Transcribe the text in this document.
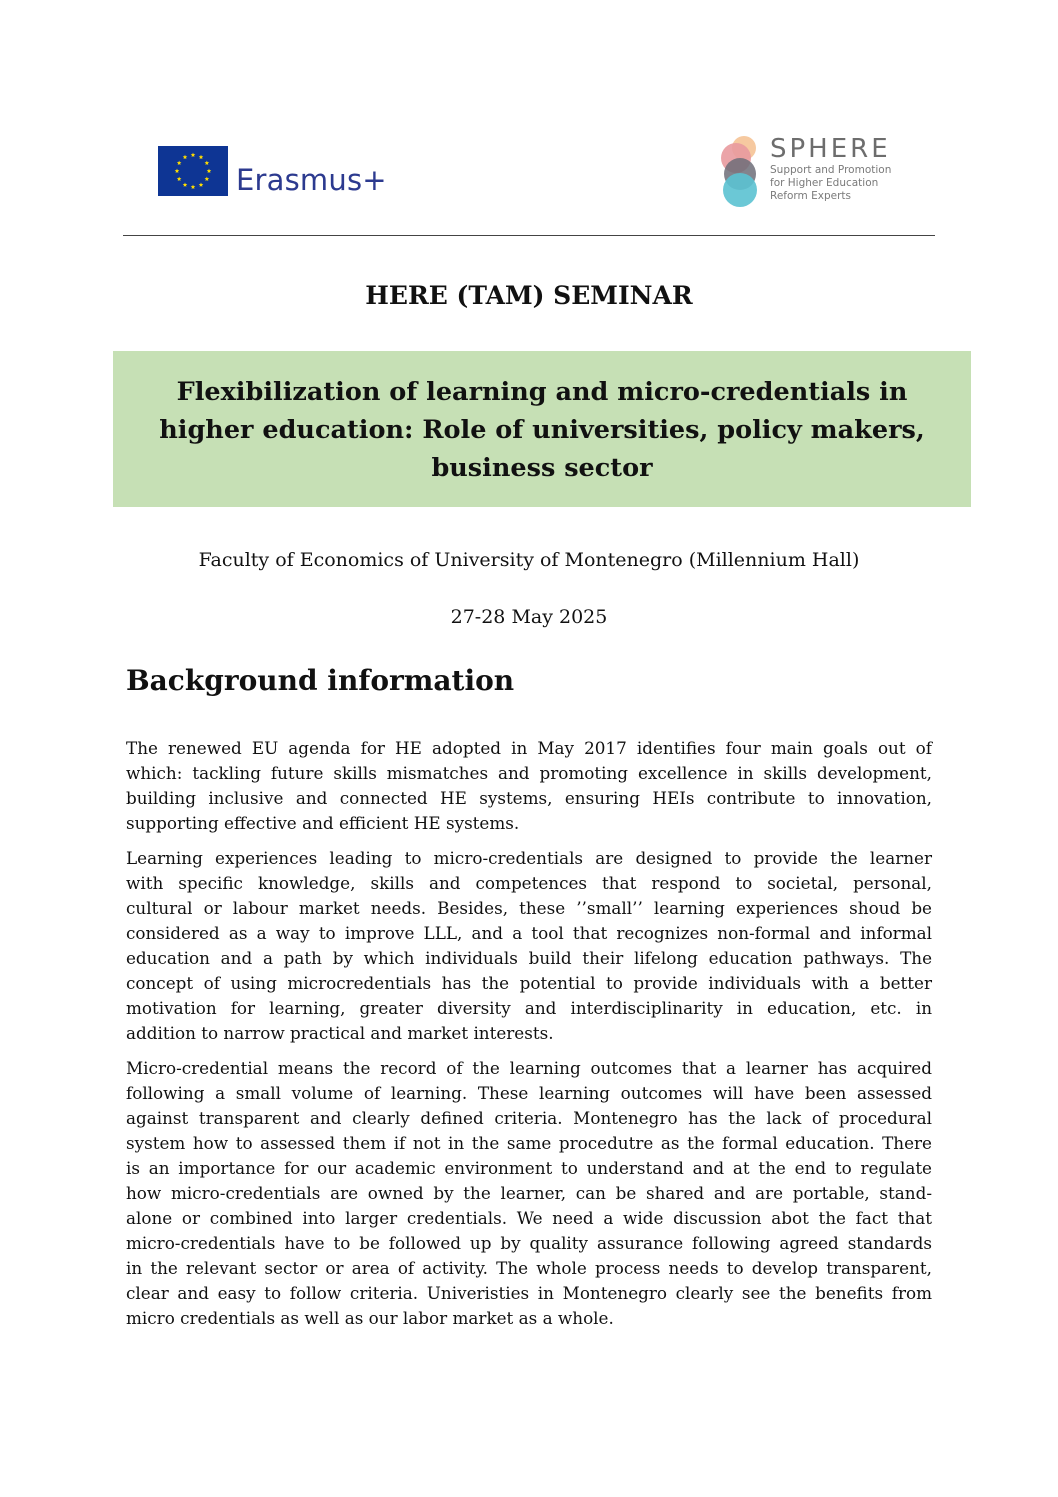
Erasmus+
SPHERE
Support and Promotion
for Higher Education
Reform Experts
HERE (TAM) SEMINAR
Flexibilization of learning and micro-credentials in
higher education: Role of universities, policy makers,
business sector
Faculty of Economics of University of Montenegro (Millennium Hall)
27-28 May 2025
Background information

The renewed EU agenda for HE adopted in May 2017 identifies four main goals out of
which: tackling future skills mismatches and promoting excellence in skills development,
building inclusive and connected HE systems, ensuring HEIs contribute to innovation,
supporting effective and efficient HE systems.

Learning experiences leading to micro-credentials are designed to provide the learner
with specific knowledge, skills and competences that respond to societal, personal,
cultural or labour market needs. Besides, these ’’small’’ learning experiences shoud be
considered as a way to improve LLL, and a tool that recognizes non-formal and informal
education and a path by which individuals build their lifelong education pathways. The
concept of using microcredentials has the potential to provide individuals with a better
motivation for learning, greater diversity and interdisciplinarity in education, etc. in
addition to narrow practical and market interests.

Micro-credential means the record of the learning outcomes that a learner has acquired
following a small volume of learning. These learning outcomes will have been assessed
against transparent and clearly defined criteria. Montenegro has the lack of procedural
system how to assessed them if not in the same procedutre as the formal education. There
is an importance for our academic environment to understand and at the end to regulate
how micro-credentials are owned by the learner, can be shared and are portable, stand-
alone or combined into larger credentials. We need a wide discussion abot the fact that
micro-credentials have to be followed up by quality assurance following agreed standards
in the relevant sector or area of activity. The whole process needs to develop transparent,
clear and easy to follow criteria. Univeristies in Montenegro clearly see the benefits from
micro credentials as well as our labor market as a whole.
